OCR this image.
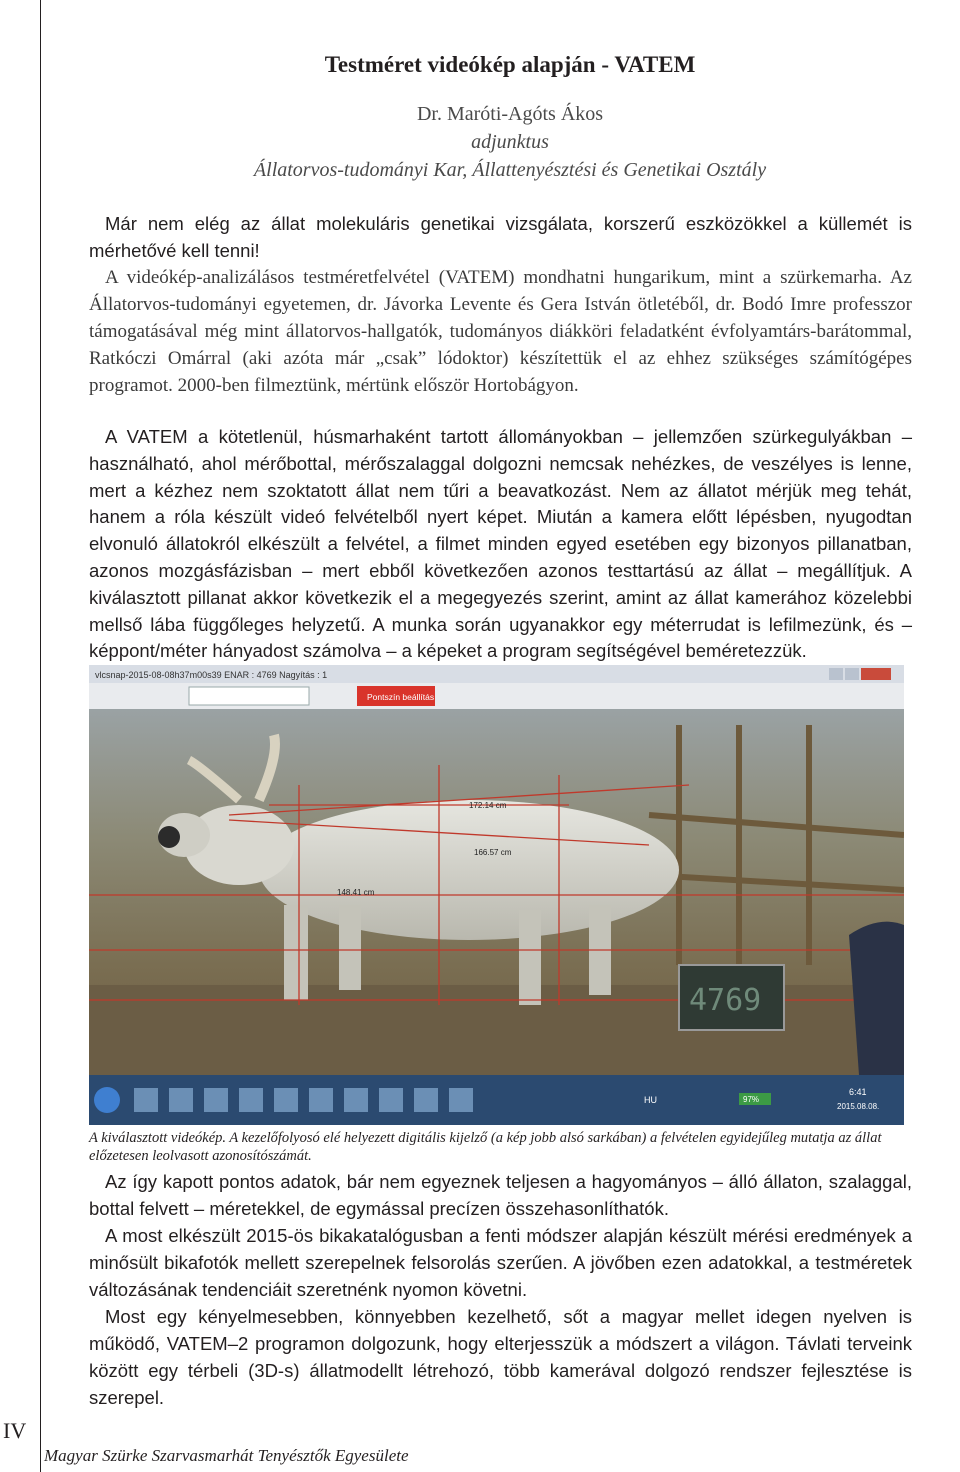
Testméret videókép alapján - VATEM
Dr. Maróti-Agóts Ákos
adjunktus
Állatorvos-tudományi Kar, Állattenyésztési és Genetikai Osztály

Már nem elég az állat molekuláris genetikai vizsgálata, korszerű eszközökkel a küllemét is mérhetővé kell tenni!

A videókép-analizálásos testméretfelvétel (VATEM) mondhatni hungarikum, mint a szürkemarha. Az Állatorvos-tudományi egyetemen, dr. Jávorka Levente és Gera István ötletéből, dr. Bodó Imre professzor támogatásával még mint állatorvos-hallgatók, tudományos diákköri feladatként évfolyamtárs-barátommal, Ratkóczi Omárral (aki azóta már „csak” lódoktor) készítettük el az ehhez szükséges számítógépes programot. 2000-ben filmeztünk, mértünk először Hortobágyon.

A VATEM a kötetlenül, húsmarhaként tartott állományokban – jellemzően szürkegulyákban –használható, ahol mérőbottal, mérőszalaggal dolgozni nemcsak nehézkes, de veszélyes is lenne, mert a kézhez nem szoktatott állat nem tűri a beavatkozást. Nem az állatot mérjük meg tehát, hanem a róla készült videó felvételből nyert képet. Miután a kamera előtt lépésben, nyugodtan elvonuló állatokról elkészült a felvétel, a filmet minden egyed esetében egy bizonyos pillanatban, azonos mozgásfázisban – mert ebből következően azonos testtartású az állat – megállítjuk. A kiválasztott pillanat akkor következik el a megegyezés szerint, amint az állat kamerához közelebbi mellső lába függőleges helyzetű. A munka során ugyanakkor egy méterrudat is lefilmezünk, és – képpont/méter hányadost számolva – a képeket a program segítségével beméretezzük.

vlcsnap-2015-08-08h37m00s39 ENAR : 4769 Nagyítás : 1
Pontszín beállítás
172.14 cm
166.57 cm
148.41 cm
4769
HU	97%
6:41
2015.08.08.
A kiválasztott videókép. A kezelőfolyosó elé helyezett digitális kijelző (a kép jobb alsó sarkában) a felvételen egyidejűleg mutatja az állat előzetesen leolvasott azonosítószámát.

Az így kapott pontos adatok, bár nem egyeznek teljesen a hagyományos – álló állaton, szalaggal, bottal felvett – méretekkel, de egymással precízen összehasonlíthatók.

A most elkészült 2015-ös bikakatalógusban a fenti módszer alapján készült mérési eredmények a minősült bikafotók mellett szerepelnek felsorolás szerűen. A jövőben ezen adatokkal, a testméretek változásának tendenciáit szeretnénk nyomon követni.

Most egy kényelmesebben, könnyebben kezelhető, sőt a magyar mellet idegen nyelven is működő, VATEM–2 programon dolgozunk, hogy elterjesszük a módszert a világon. Távlati terveink között egy térbeli (3D-s) állatmodellt létrehozó, több kamerával dolgozó rendszer fejlesztése is szerepel.

IV
Magyar Szürke Szarvasmarhát Tenyésztők Egyesülete
